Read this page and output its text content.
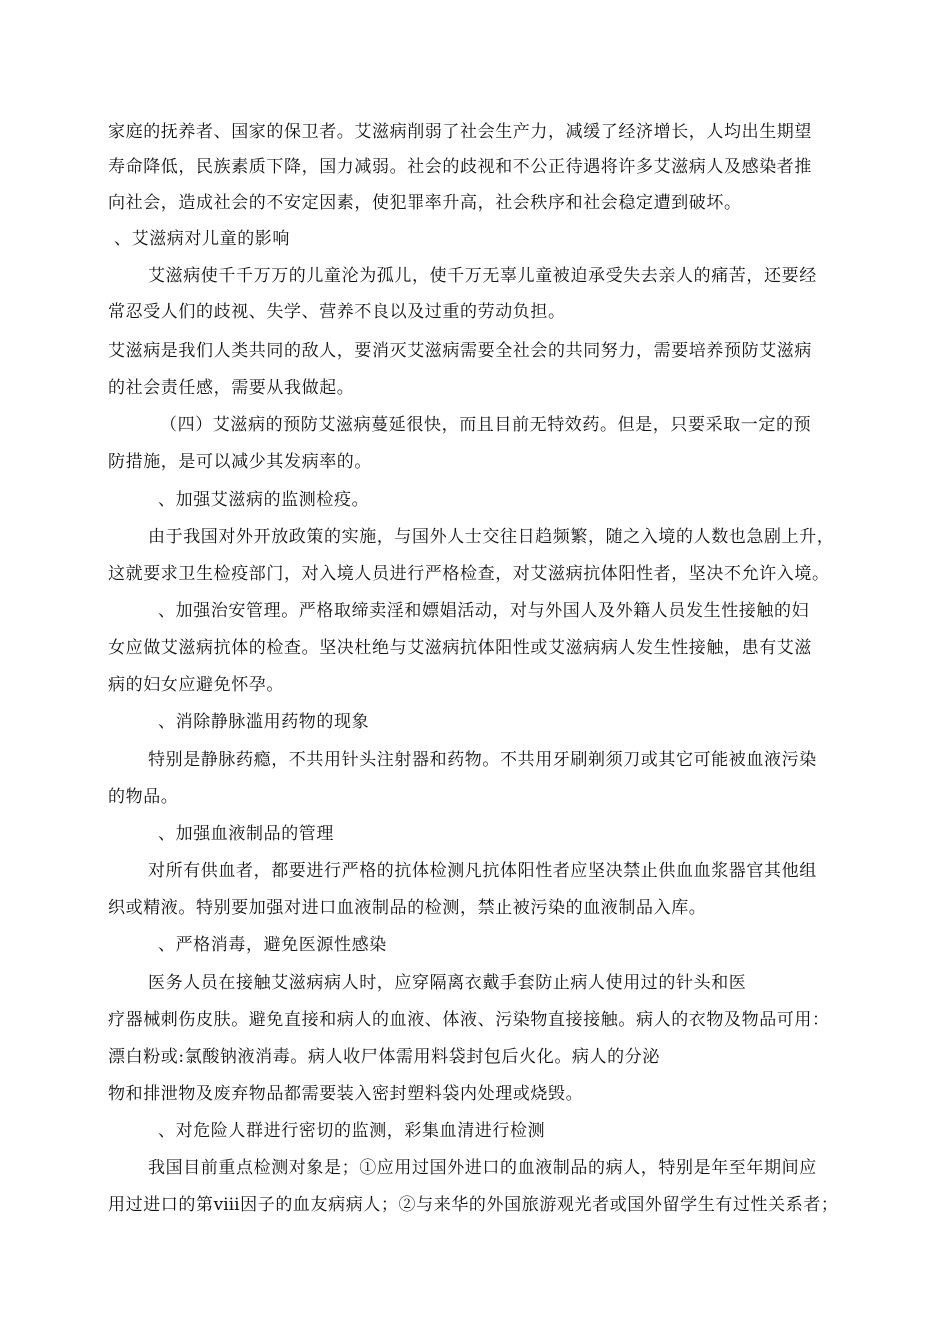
家庭的抚养者、国家的保卫者。艾滋病削弱了社会生产力，减缓了经济增长，人均出生期望
寿命降低，民族素质下降，国力减弱。社会的歧视和不公正待遇将许多艾滋病人及感染者推
向社会，造成社会的不安定因素，使犯罪率升高，社会秩序和社会稳定遭到破坏。
、艾滋病对儿童的影响
艾滋病使千千万万的儿童沦为孤儿，使千万无辜儿童被迫承受失去亲人的痛苦，还要经
常忍受人们的歧视、失学、营养不良以及过重的劳动负担。
艾滋病是我们人类共同的敌人，要消灭艾滋病需要全社会的共同努力，需要培养预防艾滋病
的社会责任感，需要从我做起。
（四）艾滋病的预防艾滋病蔓延很快，而且目前无特效药。但是，只要采取一定的预
防措施，是可以减少其发病率的。
、加强艾滋病的监测检疫。
由于我国对外开放政策的实施，与国外人士交往日趋频繁，随之入境的人数也急剧上升，
这就要求卫生检疫部门，对入境人员进行严格检查，对艾滋病抗体阳性者，坚决不允许入境。
、加强治安管理。严格取缔卖淫和嫖娼活动，对与外国人及外籍人员发生性接触的妇
女应做艾滋病抗体的检查。坚决杜绝与艾滋病抗体阳性或艾滋病病人发生性接触，患有艾滋
病的妇女应避免怀孕。
、消除静脉滥用药物的现象
特别是静脉药瘾，不共用针头注射器和药物。不共用牙刷剃须刀或其它可能被血液污染
的物品。
、加强血液制品的管理
对所有供血者，都要进行严格的抗体检测凡抗体阳性者应坚决禁止供血血浆器官其他组
织或精液。特别要加强对进口血液制品的检测，禁止被污染的血液制品入库。
、严格消毒，避免医源性感染
医务人员在接触艾滋病病人时，应穿隔离衣戴手套防止病人使用过的针头和医
疗器械刺伤皮肤。避免直接和病人的血液、体液、污染物直接接触。病人的衣物及物品可用：
漂白粉或:氯酸钠液消毒。病人收尸体需用料袋封包后火化。病人的分泌
物和排泄物及废弃物品都需要装入密封塑料袋内处理或烧毁。
、对危险人群进行密切的监测，彩集血清进行检测
我国目前重点检测对象是；①应用过国外进口的血液制品的病人，特别是年至年期间应
用过进口的第ⅷ因子的血友病病人；②与来华的外国旅游观光者或国外留学生有过性关系者；
